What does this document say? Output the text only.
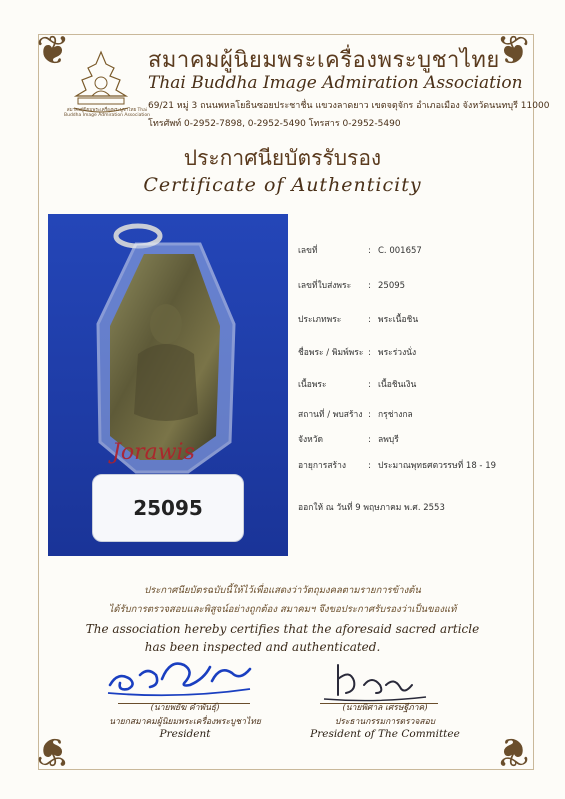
❦	❦
❦	❦
สมาคมผู้นิยมพระเครื่องพระบูชาไทย Thai Buddha Image Admiration Association
สมาคมผู้นิยมพระเครื่องพระบูชาไทย
Thai Buddha Image Admiration Association
69/21 หมู่ 3 ถนนพหลโยธินซอยประชาชื่น แขวงลาดยาว เขตจตุจักร อำเภอเมือง จังหวัดนนทบุรี 11000
โทรศัพท์ 0-2952-7898, 0-2952-5490 โทรสาร 0-2952-5490
ประกาศนียบัตรรับรอง
Certificate of Authenticity
Jorawis
25095
เลขที่	: C. 001657
เลขที่ใบส่งพระ : 25095
ประเภทพระ	: พระเนื้อชิน
ชื่อพระ / พิมพ์พระ : พระร่วงนั่ง
เนื้อพระ	: เนื้อชินเงิน
สถานที่ / พบสร้าง : กรุช่างกล
จังหวัด	: ลพบุรี
อายุการสร้าง	: ประมาณพุทธศตวรรษที่ 18 - 19
ออกให้ ณ วันที่ 9 พฤษภาคม พ.ศ. 2553
ประกาศนียบัตรฉบับนี้ให้ไว้เพื่อแสดงว่าวัตถุมงคลตามรายการข้างต้น
ได้รับการตรวจสอบและพิสูจน์อย่างถูกต้อง สมาคมฯ จึงขอประกาศรับรองว่าเป็นของแท้
The association hereby certifies that the aforesaid sacred article
has been inspected and authenticated.
(นายพยัฆ คำพันธุ์)
นายกสมาคมผู้นิยมพระเครื่องพระบูชาไทย
President
(นายพิศาล เศรษฐีภาค)
ประธานกรรมการตรวจสอบ
President of The Committee
